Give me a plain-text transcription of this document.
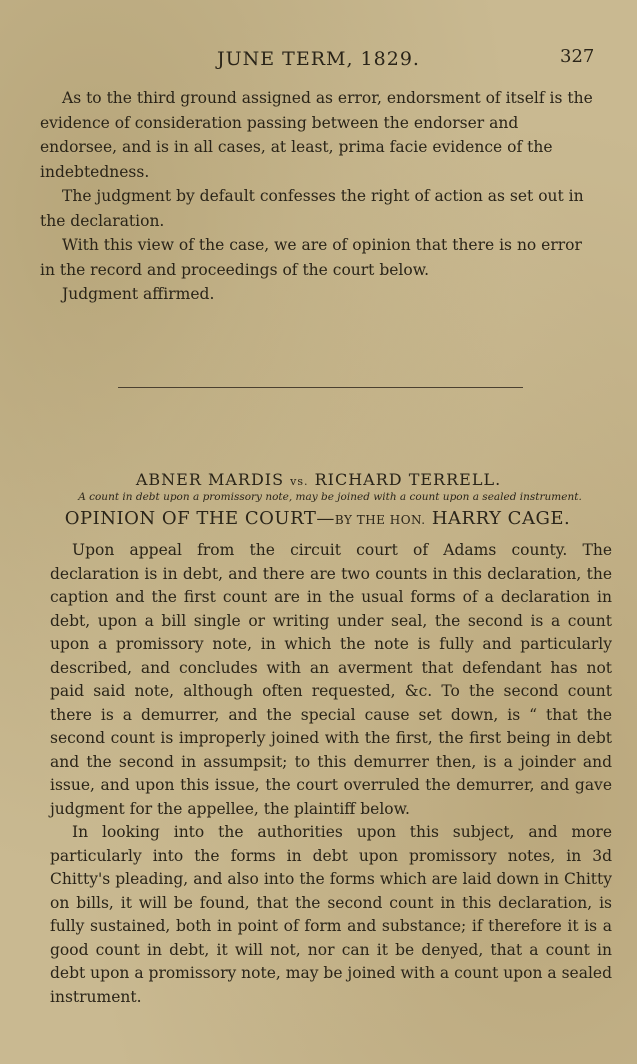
JUNE TERM, 1829.	327

As to the third ground assigned as error, endorsment of itself is the evidence of consideration passing between the endorser and endorsee, and is in all cases, at least, prima facie evidence of the indebtedness.

The judgment by default confesses the right of action as set out in the declaration.

With this view of the case, we are of opinion that there is no error in the record and proceedings of the court below.

Judgment affirmed.

ABNER MARDIS vs. RICHARD TERRELL.
A count in debt upon a promissory note, may be joined with a count upon a sealed instrument.
OPINION OF THE COURT—BY THE HON. HARRY CAGE.

Upon appeal from the circuit court of Adams county. The declaration is in debt, and there are two counts in this declaration, the caption and the first count are in the usual forms of a declaration in debt, upon a bill single or writing under seal, the second is a count upon a promissory note, in which the note is fully and particularly described, and concludes with an averment that defendant has not paid said note, although often requested, &c. To the second count there is a demurrer, and the special cause set down, is “ that the second count is improperly joined with the first, the first being in debt and the second in assumpsit; to this demurrer then, is a joinder and issue, and upon this issue, the court overruled the demurrer, and gave judgment for the appellee, the plaintiff below.

In looking into the authorities upon this subject, and more particularly into the forms in debt upon promissory notes, in 3d Chitty's pleading, and also into the forms which are laid down in Chitty on bills, it will be found, that the second count in this declaration, is fully sustained, both in point of form and substance; if therefore it is a good count in debt, it will not, nor can it be denyed, that a count in debt upon a promissory note, may be joined with a count upon a sealed instrument.
